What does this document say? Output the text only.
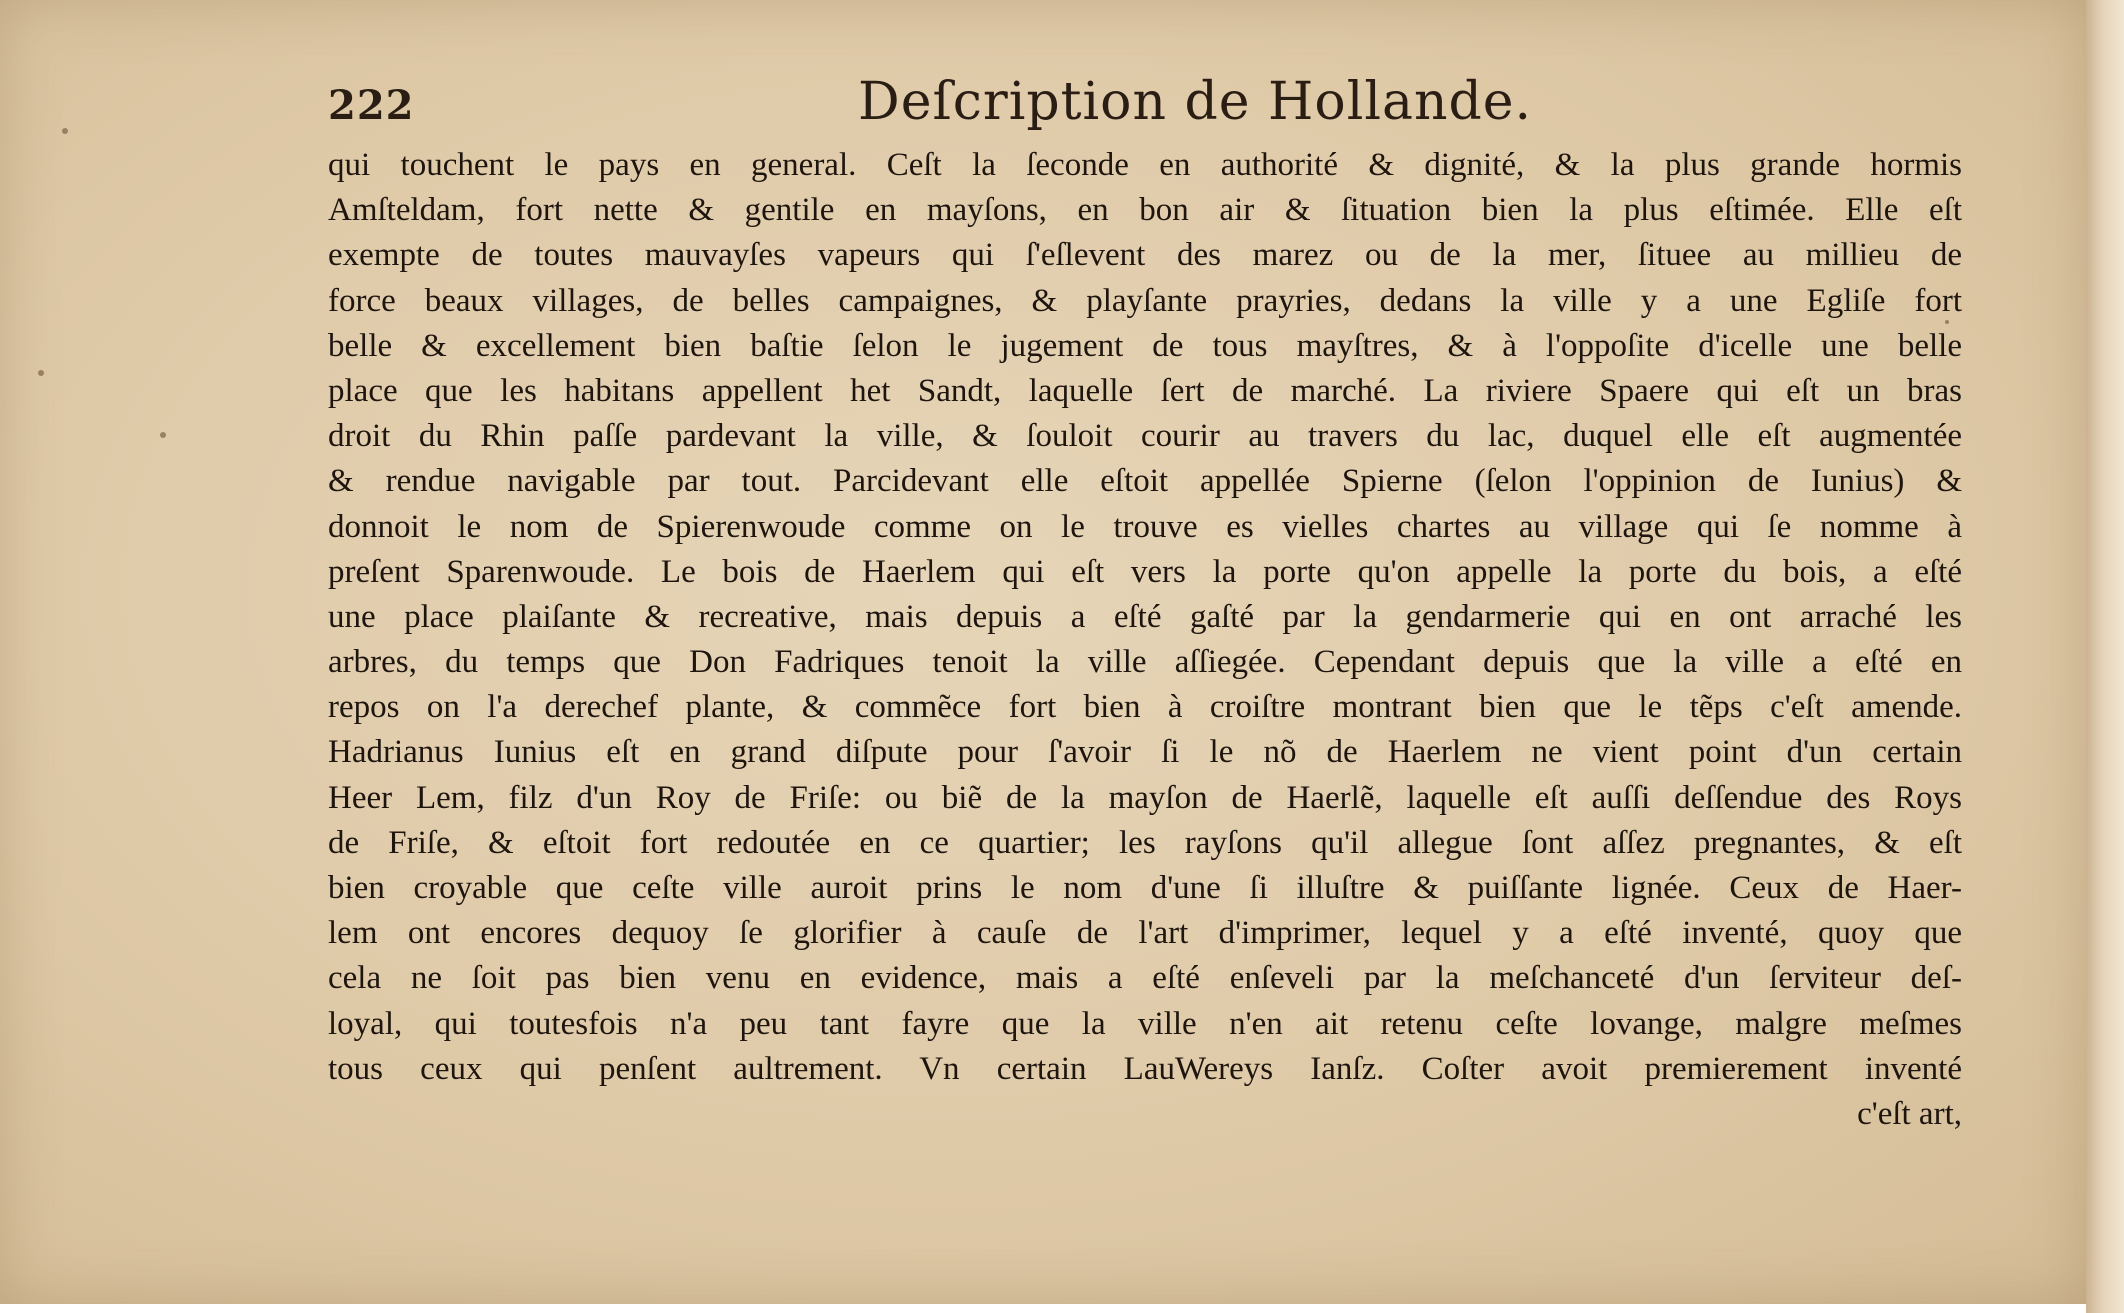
222	Deſcription de Hollande.
qui touchent le pays en general. Ceſt la ſeconde en authorité & dignité, & la plus grande hormis
Amſteldam, fort nette & gentile en mayſons, en bon air & ſituation bien la plus eſtimée. Elle eſt
exempte de toutes mauvayſes vapeurs qui ſ'eſlevent des marez ou de la mer, ſituee au millieu de
force beaux villages, de belles campaignes, & playſante prayries, dedans la ville y a une Egliſe fort
belle & excellement bien baſtie ſelon le jugement de tous mayſtres, & à l'oppoſite d'icelle une belle
place que les habitans appellent het Sandt, laquelle ſert de marché. La riviere Spaere qui eſt un bras
droit du Rhin paſſe pardevant la ville, & ſouloit courir au travers du lac, duquel elle eſt augmentée
& rendue navigable par tout. Parcidevant elle eſtoit appellée Spierne (ſelon l'oppinion de Iunius) &
donnoit le nom de Spierenwoude comme on le trouve es vielles chartes au village qui ſe nomme à
preſent Sparenwoude. Le bois de Haerlem qui eſt vers la porte qu'on appelle la porte du bois, a eſté
une place plaiſante & recreative, mais depuis a eſté gaſté par la gendarmerie qui en ont arraché les
arbres, du temps que Don Fadriques tenoit la ville aſſiegée. Cependant depuis que la ville a eſté en
repos on l'a derechef plante, & commẽce fort bien à croiſtre montrant bien que le tẽps c'eſt amende.
Hadrianus Iunius eſt en grand diſpute pour ſ'avoir ſi le nõ de Haerlem ne vient point d'un certain
Heer Lem, filz d'un Roy de Friſe: ou biẽ de la mayſon de Haerlẽ, laquelle eſt auſſi deſſendue des Roys
de Friſe, & eſtoit fort redoutée en ce quartier; les rayſons qu'il allegue ſont aſſez pregnantes, & eſt
bien croyable que ceſte ville auroit prins le nom d'une ſi illuſtre & puiſſante lignée. Ceux de Haer-
lem ont encores dequoy ſe glorifier à cauſe de l'art d'imprimer, lequel y a eſté inventé, quoy que
cela ne ſoit pas bien venu en evidence, mais a eſté enſeveli par la meſchanceté d'un ſerviteur deſ-
loyal, qui toutesfois n'a peu tant fayre que la ville n'en ait retenu ceſte lovange, malgre meſmes
tous ceux qui penſent aultrement. Vn certain LauWereys Ianſz. Coſter avoit premierement inventé
c'eſt art,
